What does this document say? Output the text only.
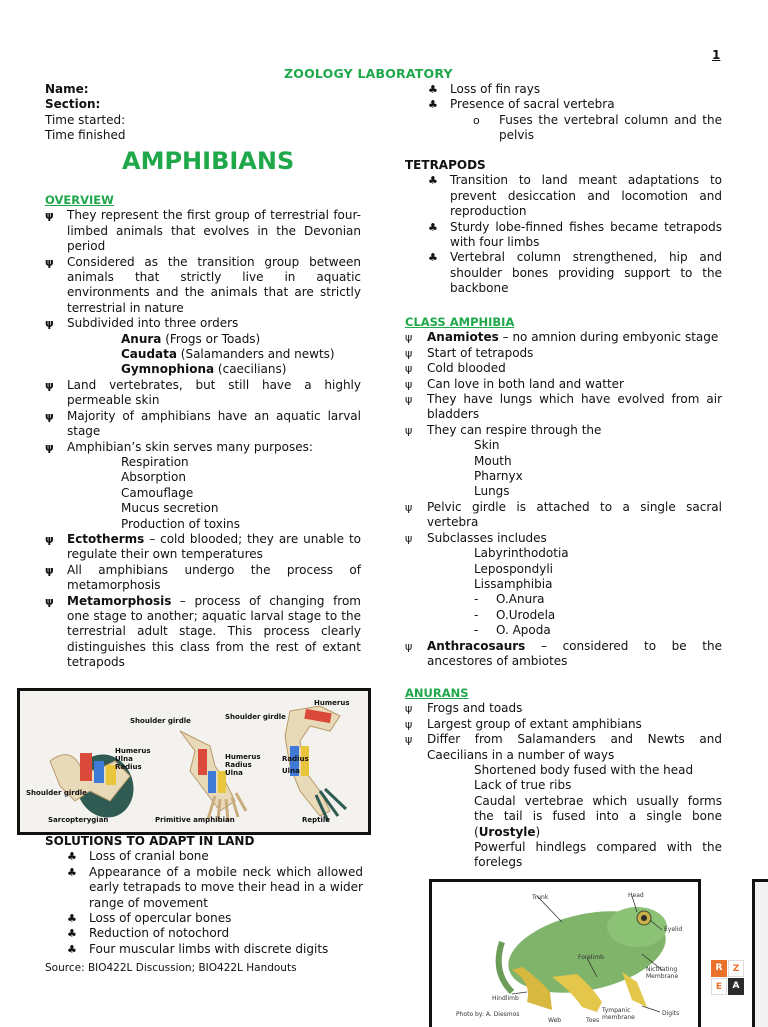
1
ZOOLOGY LABORATORY
Name:
Section:
Time started:
Time finished
AMPHIBIANS
OVERVIEW
ψ They represent the first group of terrestrial four-limbed animals that evolves in the Devonian period
ψ Considered as the transition group between animals that strictly live in aquatic environments and the animals that are strictly terrestrial in nature
ψ Subdivided into three orders
Anura (Frogs or Toads)
Caudata (Salamanders and newts)
Gymnophiona (caecilians)
ψ Land vertebrates, but still have a highly permeable skin
ψ Majority of amphibians have an aquatic larval stage
ψ Amphibian’s skin serves many purposes:
Respiration
Absorption
Camouflage
Mucus secretion
Production of toxins
ψ Ectotherms – cold blooded; they are unable to regulate their own temperatures
ψ All amphibians undergo the process of metamorphosis
ψ Metamorphosis – process of changing from one stage to another; aquatic larval stage to the terrestrial adult stage. This process clearly distinguishes this class from the rest of extant tetrapods
Shoulder girdle
Humerus
Ulna
Radius
Shoulder girdle
Shoulder girdle
Humerus
Radius
Ulna
Humerus
Radius
Ulna
Sarcopterygian	Primitive amphibian	Reptile
SOLUTIONS TO ADAPT IN LAND
♣ Loss of cranial bone
♣ Appearance of a mobile neck which allowed early tetrapads to move their head in a wider range of movement
♣ Loss of opercular bones
♣ Reduction of notochord
♣ Four muscular limbs with discrete digits
Source: BIO422L Discussion; BIO422L Handouts
♣ Loss of fin rays
♣ Presence of sacral vertebra
o Fuses the vertebral column and the pelvis
TETRAPODS
♣ Transition to land meant adaptations to prevent desiccation and locomotion and reproduction
♣ Sturdy lobe-finned fishes became tetrapods with four limbs
♣ Vertebral column strengthened, hip and shoulder bones providing support to the backbone
CLASS AMPHIBIA
ψ Anamiotes – no amnion during embyonic stage
ψ Start of tetrapods
ψ Cold blooded
ψ Can love in both land and watter
ψ They have lungs which have evolved from air bladders
ψ They can respire through the
Skin
Mouth
Pharnyx
Lungs
ψ Pelvic girdle is attached to a single sacral vertebra
ψ Subclasses includes
Labyrinthodotia
Lepospondyli
Lissamphibia
- O.Anura
- O.Urodela
- O. Apoda
ψ Anthracosaurs – considered to be the ancestores of ambiotes
ANURANS
ψ Frogs and toads
ψ Largest group of extant amphibians
ψ Differ from Salamanders and Newts and Caecilians in a number of ways
Shortened body fused with the head
Lack of true ribs
Caudal vertebrae which usually forms the tail is fused into a single bone (Urostyle)
Powerful hindlegs compared with the forelegs
Trunk	Head
Eyelid
Forelimb
Nictitating Membrane
Hindlimb
Web	Toes
Tympanic membrane
Digits
Photo by: A. Diesmos
R	Z
E	A
